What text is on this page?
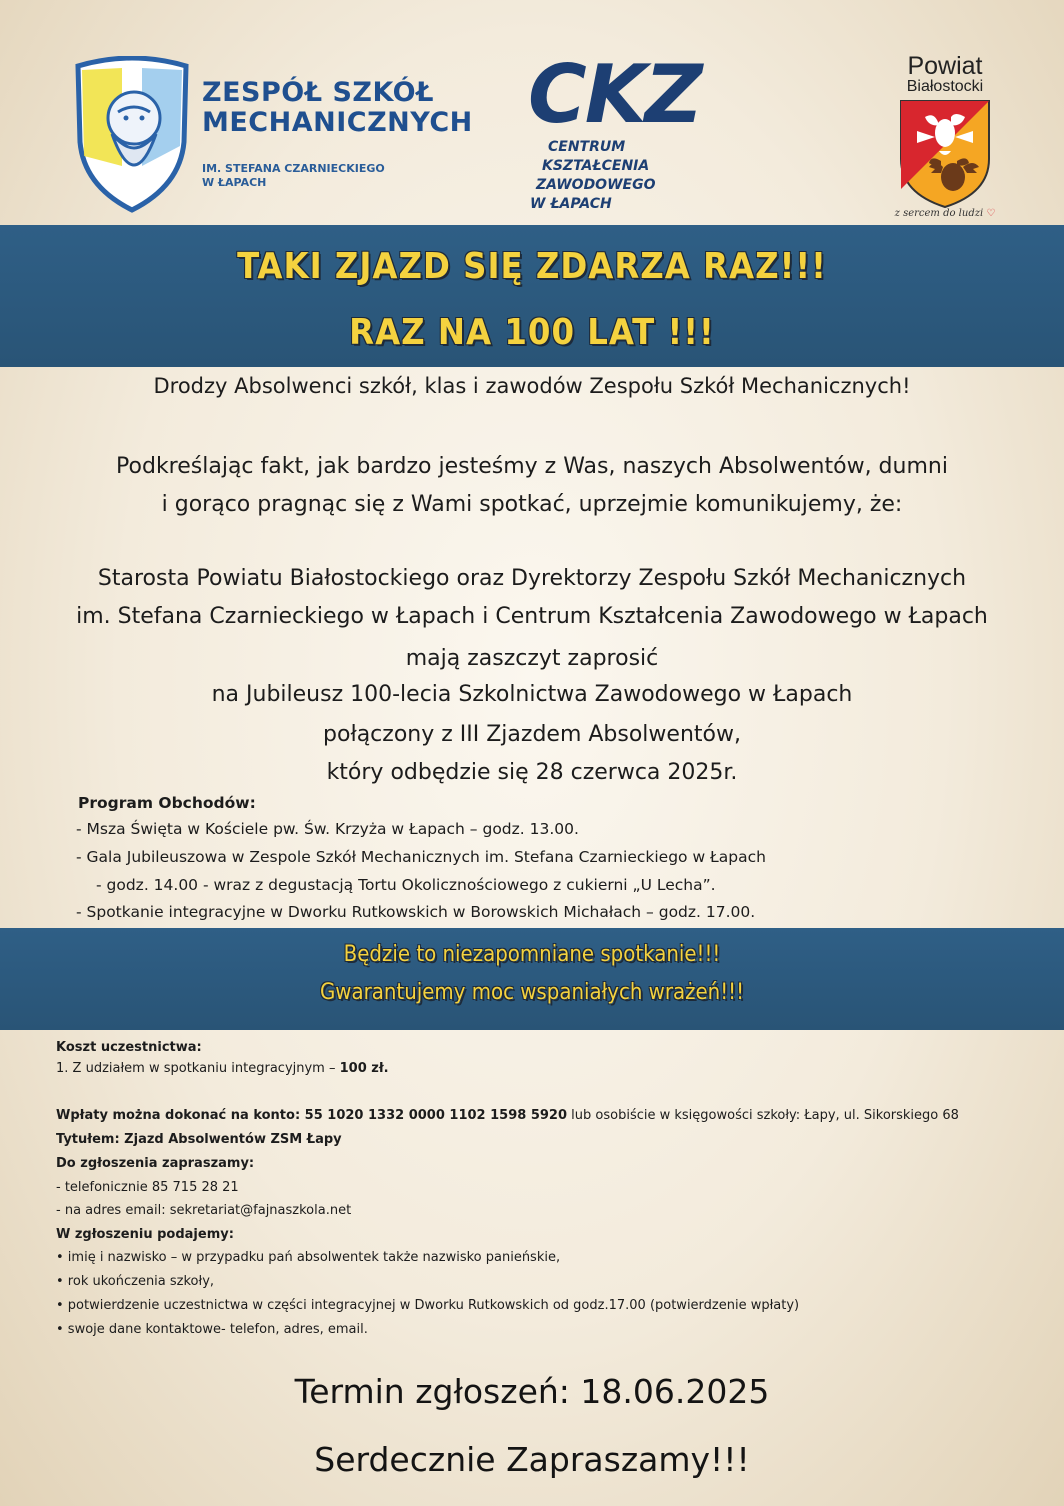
ZESPÓŁ SZKÓŁ
MECHANICZNYCH
IM. STEFANA CZARNIECKIEGO
W ŁAPACH
CKZ
CENTRUM
KSZTAŁCENIA
ZAWODOWEGO
W ŁAPACH
Powiat
Białostocki
z sercem do ludzi ♡
TAKI ZJAZD SIĘ ZDARZA RAZ!!!
RAZ NA 100 LAT !!!
Drodzy Absolwenci szkół, klas i zawodów Zespołu Szkół Mechanicznych!
Podkreślając fakt, jak bardzo jesteśmy z Was, naszych Absolwentów, dumni
i gorąco pragnąc się z Wami spotkać, uprzejmie komunikujemy, że:
Starosta Powiatu Białostockiego oraz Dyrektorzy Zespołu Szkół Mechanicznych
im. Stefana Czarnieckiego w Łapach i Centrum Kształcenia Zawodowego w Łapach
mają zaszczyt zaprosić
na Jubileusz 100-lecia Szkolnictwa Zawodowego w Łapach
połączony z III Zjazdem Absolwentów,
który odbędzie się 28 czerwca 2025r.
Program Obchodów:
- Msza Święta w Kościele pw. Św. Krzyża w Łapach – godz. 13.00.
- Gala Jubileuszowa w Zespole Szkół Mechanicznych im. Stefana Czarnieckiego w Łapach
- godz. 14.00 - wraz z degustacją Tortu Okolicznościowego z cukierni „U Lecha”.
- Spotkanie integracyjne w Dworku Rutkowskich w Borowskich Michałach – godz. 17.00.
Będzie to niezapomniane spotkanie!!!
Gwarantujemy moc wspaniałych wrażeń!!!
Koszt uczestnictwa:
1. Z udziałem w spotkaniu integracyjnym – 100 zł.
Wpłaty można dokonać na konto: 55 1020 1332 0000 1102 1598 5920 lub osobiście w księgowości szkoły: Łapy, ul. Sikorskiego 68
Tytułem: Zjazd Absolwentów ZSM Łapy
Do zgłoszenia zapraszamy:
- telefonicznie 85 715 28 21
- na adres email: sekretariat@fajnaszkola.net
W zgłoszeniu podajemy:
• imię i nazwisko – w przypadku pań absolwentek także nazwisko panieńskie,
• rok ukończenia szkoły,
• potwierdzenie uczestnictwa w części integracyjnej w Dworku Rutkowskich od godz.17.00 (potwierdzenie wpłaty)
• swoje dane kontaktowe- telefon, adres, email.
Termin zgłoszeń: 18.06.2025
Serdecznie Zapraszamy!!!
